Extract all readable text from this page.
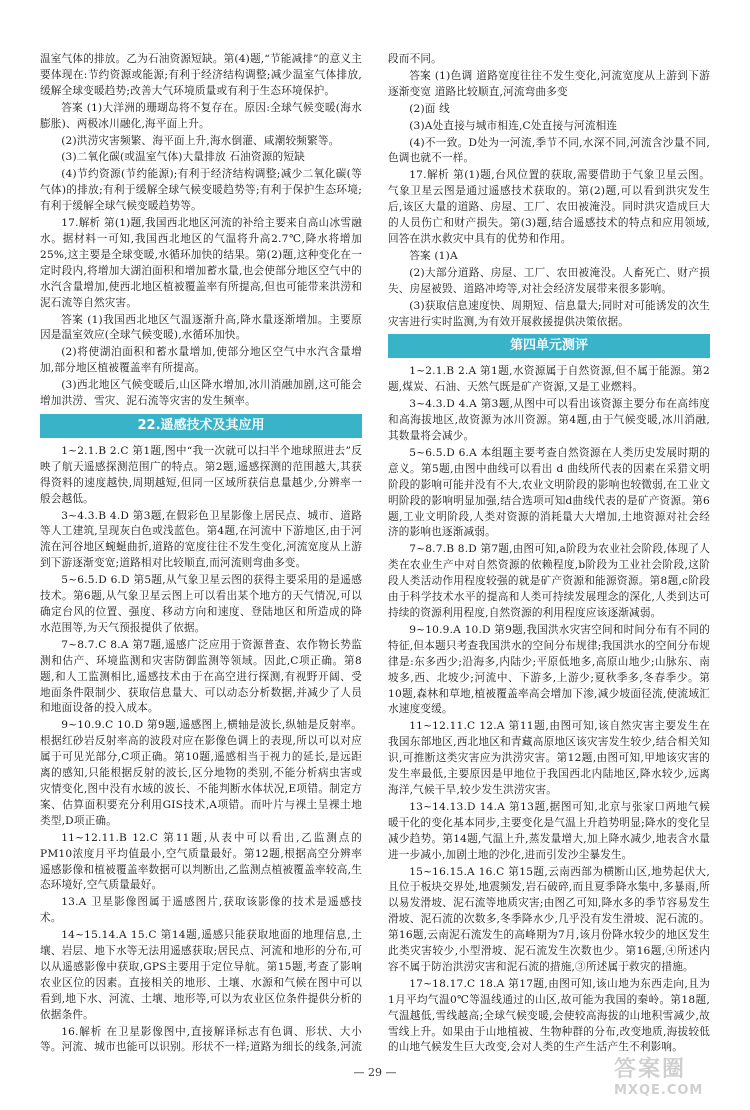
温室气体的排放。乙为石油资源短缺。第(4)题,“节能减排”的意义主要体现在:节约资源或能源;有利于经济结构调整;减少温室气体排放,缓解全球变暖趋势;改善大气环境质量或有利于生态环境保护。

答案 (1)大洋洲的珊瑚岛将不复存在。原因:全球气候变暖(海水膨胀)、两极冰川融化,海平面上升。

(2)洪涝灾害频繁、海平面上升,海水倒灌、咸潮较频繁等。

(3)二氧化碳(或温室气体)大量排放 石油资源的短缺

(4)节约资源(节约能源);有利于经济结构调整;减少二氧化碳(等气体)的排放;有利于缓解全球气候变暖趋势等;有利于保护生态环境;有利于缓解全球气候变暖趋势等。

17.解析 第(1)题,我国西北地区河流的补给主要来自高山冰雪融水。据材料一可知,我国西北地区的气温将升高2.7℃,降水将增加25%,这主要是全球变暖,水循环加快的结果。第(2)题,这种变化在一定时段内,将增加大湖泊面积和增加蓄水量,也会使部分地区空气中的水汽含量增加,使西北地区植被覆盖率有所提高,但也可能带来洪涝和泥石流等自然灾害。

答案 (1)我国西北地区气温逐渐升高,降水量逐渐增加。主要原因是温室效应(全球气候变暖),水循环加快。

(2)将使湖泊面积和蓄水量增加,使部分地区空气中水汽含量增加,部分地区植被覆盖率有所提高。

(3)西北地区气候变暖后,山区降水增加,冰川消融加剧,这可能会增加洪涝、雪灾、泥石流等灾害的发生频率。

22.遥感技术及其应用

1~2.1.B 2.C 第1题,图中“我一次就可以扫半个地球照进去”反映了航天遥感探测范围广的特点。第2题,遥感探测的范围越大,其获得资料的速度越快,周期越短,但同一区域所获信息量越少,分辨率一般会越低。

3~4.3.B 4.D 第3题,在假彩色卫星影像上居民点、城市、道路等人工建筑,呈现灰白色或浅蓝色。第4题,在河流中下游地区,由于河流在河谷地区蜿蜒曲折,道路的宽度往往不发生变化,河流宽度从上游到下游逐渐变宽;道路相对比较顺直,而河流则弯曲多变。

5~6.5.D 6.D 第5题,从气象卫星云图的获得主要采用的是遥感技术。第6题,从气象卫星云图上可以看出某个地方的天气情况,可以确定台风的位置、强度、移动方向和速度、登陆地区和所造成的降水范围等,为天气预报提供了依据。

7~8.7.C 8.A 第7题,遥感广泛应用于资源普查、农作物长势监测和估产、环境监测和灾害防御监测等领域。因此,C项正确。第8题,和人工监测相比,遥感技术由于在高空进行探测,有视野开阔、受地面条件限制少、获取信息量大、可以动态分析数据,并减少了人员和地面设备的投入成本。

9~10.9.C 10.D 第9题,遥感图上,横轴是波长,纵轴是反射率。根据红砂岩反射率高的波段对应在影像色调上的表现,所以可以对应属于可见光部分,C项正确。第10题,遥感相当于视力的延长,是远距离的感知,只能根据反射的波长,区分地物的类别,不能分析病虫害或灾情变化,图中没有水域的波长、不能判断水体状况,E项错。制定方案、估算面积要充分利用GIS技术,A项错。而叶片与裸土呈裸土地类型,D项正确。

11~12.11.B 12.C 第11题,从表中可以看出,乙监测点的PM10浓度月平均值最小,空气质量最好。第12题,根据高空分辨率遥感影像和植被覆盖率数据可以判断出,乙监测点植被覆盖率较高,生态环境好,空气质量最好。

13.A 卫星影像图属于遥感图片,获取该影像的技术是遥感技术。

14~15.14.A 15.C 第14题,遥感只能获取地面的地理信息,土壤、岩层、地下水等无法用遥感获取;居民点、河流和地形的分布,可以从遥感影像中获取,GPS主要用于定位导航。第15题,考查了影响农业区位的因素。直接相关的地形、土壤、水源和气候在图中可以看到,地下水、河流、土壤、地形等,可以为农业区位条件提供分析的依据条件。

16.解析 在卫星影像图中,直接解译标志有色调、形状、大小等。河流、城市也能可以识别。形状不一样;道路为细长的线条,河流

段而不同。

答案 (1)色调 道路宽度往往不发生变化,河流宽度从上游到下游逐渐变宽 道路比较顺直,河流弯曲多变

(2)面 线

(3)A处直接与城市相连,C处直接与河流相连

(4)不一致。D处为一河流,季节不同,水深不同,河流含沙量不同,色调也就不一样。

17.解析 第(1)题,台风位置的获取,需要借助于气象卫星云图。气象卫星云图是通过遥感技术获取的。第(2)题,可以看到洪灾发生后,该区大量的道路、房屋、工厂、农田被淹没。同时洪灾造成巨大的人员伤亡和财产损失。第(3)题,结合遥感技术的特点和应用领域,回答在洪水救灾中具有的优势和作用。

答案 (1)A

(2)大部分道路、房屋、工厂、农田被淹没。人畜死亡、财产损失、房屋被毁、道路冲垮等,对社会经济发展带来很多影响。

(3)获取信息速度快、周期短、信息量大;同时对可能诱发的次生灾害进行实时监测,为有效开展救援提供决策依据。

第四单元测评

1~2.1.B 2.A 第1题,水资源属于自然资源,但不属于能源。第2题,煤炭、石油、天然气既是矿产资源,又是工业燃料。

3~4.3.D 4.A 第3题,从图中可以看出该资源主要分布在高纬度和高海拔地区,故资源为冰川资源。第4题,由于气候变暖,冰川消融,其数量将会减少。

5~6.5.D 6.A 本组题主要考查自然资源在人类历史发展时期的意义。第5题,由图中曲线可以看出 d 曲线所代表的因素在采猎文明阶段的影响可能并没有不大,农业文明阶段的影响也较微弱,在工业文明阶段的影响明显加强,结合选项可知d曲线代表的是矿产资源。第6题,工业文明阶段,人类对资源的消耗量大大增加,土地资源对社会经济的影响也逐渐减弱。

7~8.7.B 8.D 第7题,由图可知,a阶段为农业社会阶段,体现了人类在农业生产中对自然资源的依赖程度,b阶段为工业社会阶段,这阶段人类活动作用程度较强的就是矿产资源和能源资源。第8题,c阶段由于科学技术水平的提高和人类可持续发展理念的深化,人类到达可持续的资源利用程度,自然资源的利用程度应该逐渐减弱。

9~10.9.A 10.D 第9题,我国洪水灾害空间和时间分布有不同的特征,但本题只考查我国洪水的空间分布规律;我国洪水的空间分布规律是:东多西少;沿海多,内陆少;平原低地多,高原山地少;山脉东、南坡多,西、北坡少;河流中、下游多,上游少;夏秋季多,冬春季少。第10题,森林和草地,植被覆盖率高会增加下渗,减少坡面径流,使流域汇水速度变缓。

11~12.11.C 12.A 第11题,由图可知,该自然灾害主要发生在我国东部地区,西北地区和青藏高原地区该灾害发生较少,结合相关知识,可推断这类灾害应为洪涝灾害。第12题,由图可知,甲地该灾害的发生率最低,主要原因是甲地位于我国西北内陆地区,降水较少,远离海洋,气候干旱,较少发生洪涝灾害。

13~14.13.D 14.A 第13题,据图可知,北京与张家口两地气候暖干化的变化基本同步,主要变化是气温上升趋势明显;降水的变化呈减少趋势。第14题,气温上升,蒸发量增大,加上降水减少,地表含水量进一步减小,加剧土地的沙化,进而引发沙尘暴发生。

15~16.15.A 16.C 第15题,云南西部为横断山区,地势起伏大,且位于板块交界处,地震频发,岩石破碎,而且夏季降水集中,多暴雨,所以易发滑坡、泥石流等地质灾害;由图乙可知,降水多的季节容易发生滑坡、泥石流的次数多,冬季降水少,几乎没有发生滑坡、泥石流的。第16题,云南泥石流发生的高峰期为7月,该月份降水较少的地区发生此类灾害较少,小型滑坡、泥石流发生次数也少。第16题,④所述内容不属于防治洪涝灾害和泥石流的措施,③所述属于救灾的措施。

17~18.17.C 18.A 第17题,由图可知,该山地为东西走向,且为1月平均气温0℃等温线通过的山区,故可能为我国的秦岭。第18题,气温越低,雪线越高;全球气候变暖,会使较高海拔的山地积雪减少,故雪线上升。如果由于山地植被、生物种群的分布,改变地质,海拔较低的山地气候发生巨大改变,会对人类的生产生活产生不利影响。

— 29 —	答案圈
MXQE.COM
